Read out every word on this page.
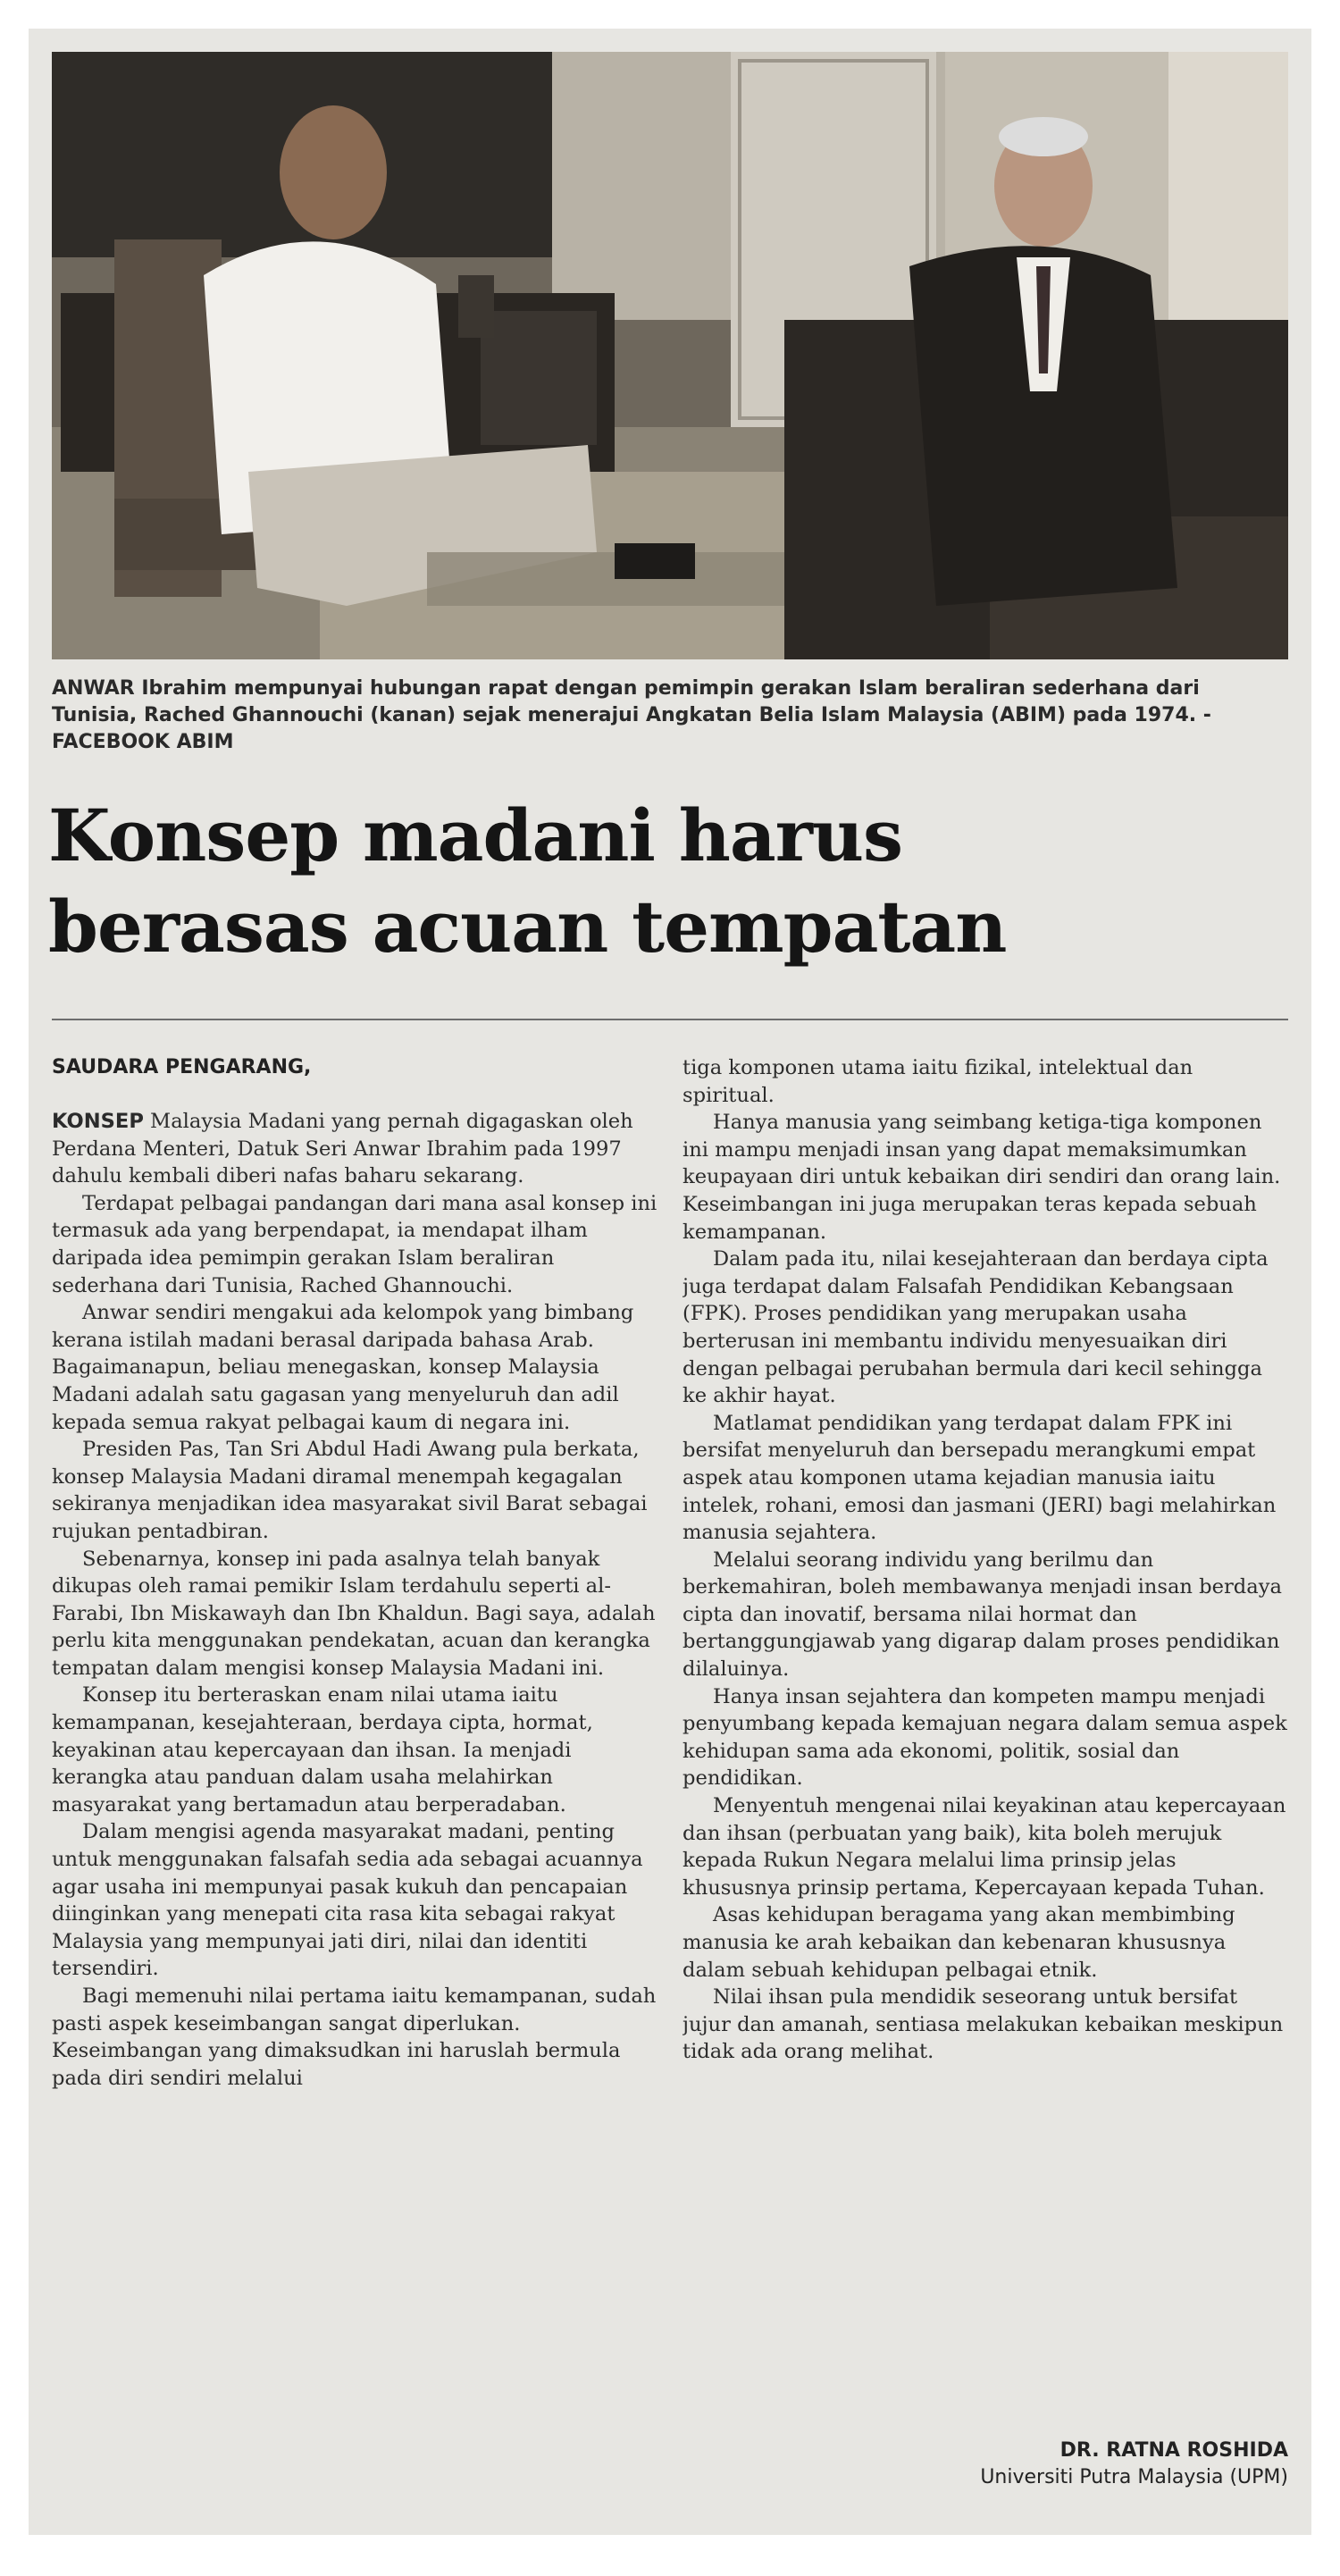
ANWAR Ibrahim mempunyai hubungan rapat dengan pemimpin gerakan Islam beraliran sederhana dari Tunisia, Rached Ghannouchi (kanan) sejak menerajui Angkatan Belia Islam Malaysia (ABIM) pada 1974. - FACEBOOK ABIM
Konsep madani harus
berasas acuan tempatan
SAUDARA PENGARANG,

KONSEP Malaysia Madani yang pernah digagaskan oleh Perdana Menteri, Datuk Seri Anwar Ibrahim pada 1997 dahulu kembali diberi nafas baharu sekarang.

Terdapat pelbagai pandangan dari mana asal konsep ini termasuk ada yang berpendapat, ia mendapat ilham daripada idea pemimpin gerakan Islam beraliran sederhana dari Tunisia, Rached Ghannouchi.

Anwar sendiri mengakui ada kelompok yang bimbang kerana istilah madani berasal daripada bahasa Arab. Bagaimanapun, beliau menegaskan, konsep Malaysia Madani adalah satu gagasan yang menyeluruh dan adil kepada semua rakyat pelbagai kaum di negara ini.

Presiden Pas, Tan Sri Abdul Hadi Awang pula berkata, konsep Malaysia Madani diramal menempah kegagalan sekiranya menjadikan idea masyarakat sivil Barat sebagai rujukan pentadbiran.

Sebenarnya, konsep ini pada asalnya telah banyak dikupas oleh ramai pemikir Islam terdahulu seperti al-Farabi, Ibn Miskawayh dan Ibn Khaldun. Bagi saya, adalah perlu kita menggunakan pendekatan, acuan dan kerangka tempatan dalam mengisi konsep Malaysia Madani ini.

Konsep itu berteraskan enam nilai utama iaitu kemampanan, kesejahteraan, berdaya cipta, hormat, keyakinan atau kepercayaan dan ihsan. Ia menjadi kerangka atau panduan dalam usaha melahirkan masyarakat yang bertamadun atau berperadaban.

Dalam mengisi agenda masyarakat madani, penting untuk menggunakan falsafah sedia ada sebagai acuannya agar usaha ini mempunyai pasak kukuh dan pencapaian diinginkan yang menepati cita rasa kita sebagai rakyat Malaysia yang mempunyai jati diri, nilai dan identiti tersendiri.

Bagi memenuhi nilai pertama iaitu kemampanan, sudah pasti aspek keseimbangan sangat diperlukan. Keseimbangan yang dimaksudkan ini haruslah bermula pada diri sendiri melalui

tiga komponen utama iaitu fizikal, intelektual dan spiritual.

Hanya manusia yang seimbang ketiga-tiga komponen ini mampu menjadi insan yang dapat memaksimumkan keupayaan diri untuk kebaikan diri sendiri dan orang lain. Keseimbangan ini juga merupakan teras kepada sebuah kemampanan.

Dalam pada itu, nilai kesejahteraan dan berdaya cipta juga terdapat dalam Falsafah Pendidikan Kebangsaan (FPK). Proses pendidikan yang merupakan usaha berterusan ini membantu individu menyesuaikan diri dengan pelbagai perubahan bermula dari kecil sehingga ke akhir hayat.

Matlamat pendidikan yang terdapat dalam FPK ini bersifat menyeluruh dan bersepadu merangkumi empat aspek atau komponen utama kejadian manusia iaitu intelek, rohani, emosi dan jasmani (JERI) bagi melahirkan manusia sejahtera.

Melalui seorang individu yang berilmu dan berkemahiran, boleh membawanya menjadi insan berdaya cipta dan inovatif, bersama nilai hormat dan bertanggungjawab yang digarap dalam proses pendidikan dilaluinya.

Hanya insan sejahtera dan kompeten mampu menjadi penyumbang kepada kemajuan negara dalam semua aspek kehidupan sama ada ekonomi, politik, sosial dan pendidikan.

Menyentuh mengenai nilai keyakinan atau kepercayaan dan ihsan (perbuatan yang baik), kita boleh merujuk kepada Rukun Negara melalui lima prinsip jelas khususnya prinsip pertama, Kepercayaan kepada Tuhan.

Asas kehidupan beragama yang akan membimbing manusia ke arah kebaikan dan kebenaran khususnya dalam sebuah kehidupan pelbagai etnik.

Nilai ihsan pula mendidik seseorang untuk bersifat jujur dan amanah, sentiasa melakukan kebaikan meskipun tidak ada orang melihat.

DR. RATNA ROSHIDA
Universiti Putra Malaysia (UPM)
